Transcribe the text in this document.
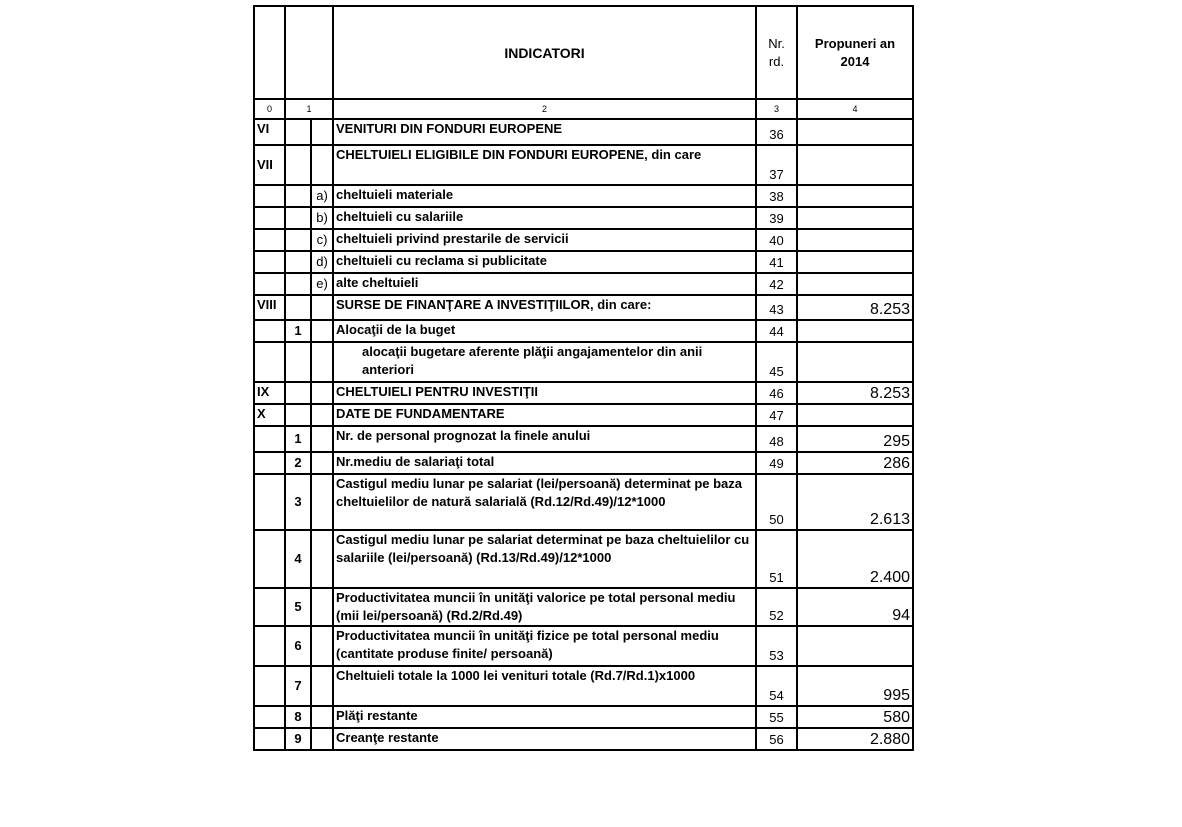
			INDICATORI	Nr. rd.	Propuneri an 2014
0	1		2	3	4
VI			VENITURI DIN FONDURI EUROPENE	36	
VII			CHELTUIELI ELIGIBILE DIN FONDURI EUROPENE, din care	37	
		a)	cheltuieli materiale	38	
		b)	cheltuieli cu salariile	39	
		c)	cheltuieli privind prestarile de servicii	40	
		d)	cheltuieli cu reclama si publicitate	41	
		e)	alte cheltuieli	42	
VIII			SURSE DE FINANŢARE A INVESTIŢIILOR, din care:	43	8.253
	1		Alocaţii de la buget	44	
			alocaţii bugetare aferente plăţii angajamentelor din anii anteriori	45	
IX			CHELTUIELI PENTRU INVESTIŢII	46	8.253
X			DATE DE FUNDAMENTARE	47	
	1		Nr. de personal prognozat la finele anului	48	295
	2		Nr.mediu de salariaţi total	49	286
	3		Castigul mediu lunar pe salariat (lei/persoană) determinat pe baza cheltuielilor de natură salarială (Rd.12/Rd.49)/12*1000	50	2.613
	4		Castigul mediu lunar pe salariat determinat pe baza cheltuielilor cu salariile (lei/persoană) (Rd.13/Rd.49)/12*1000	51	2.400
	5		Productivitatea muncii în unităţi valorice pe total personal mediu (mii lei/persoană) (Rd.2/Rd.49)	52	94
	6		Productivitatea muncii în unităţi fizice pe total personal mediu (cantitate produse finite/ persoană)	53	
	7		Cheltuieli totale la 1000 lei venituri totale (Rd.7/Rd.1)x1000	54	995
	8		Plăţi restante	55	580
	9		Creanţe restante	56	2.880
